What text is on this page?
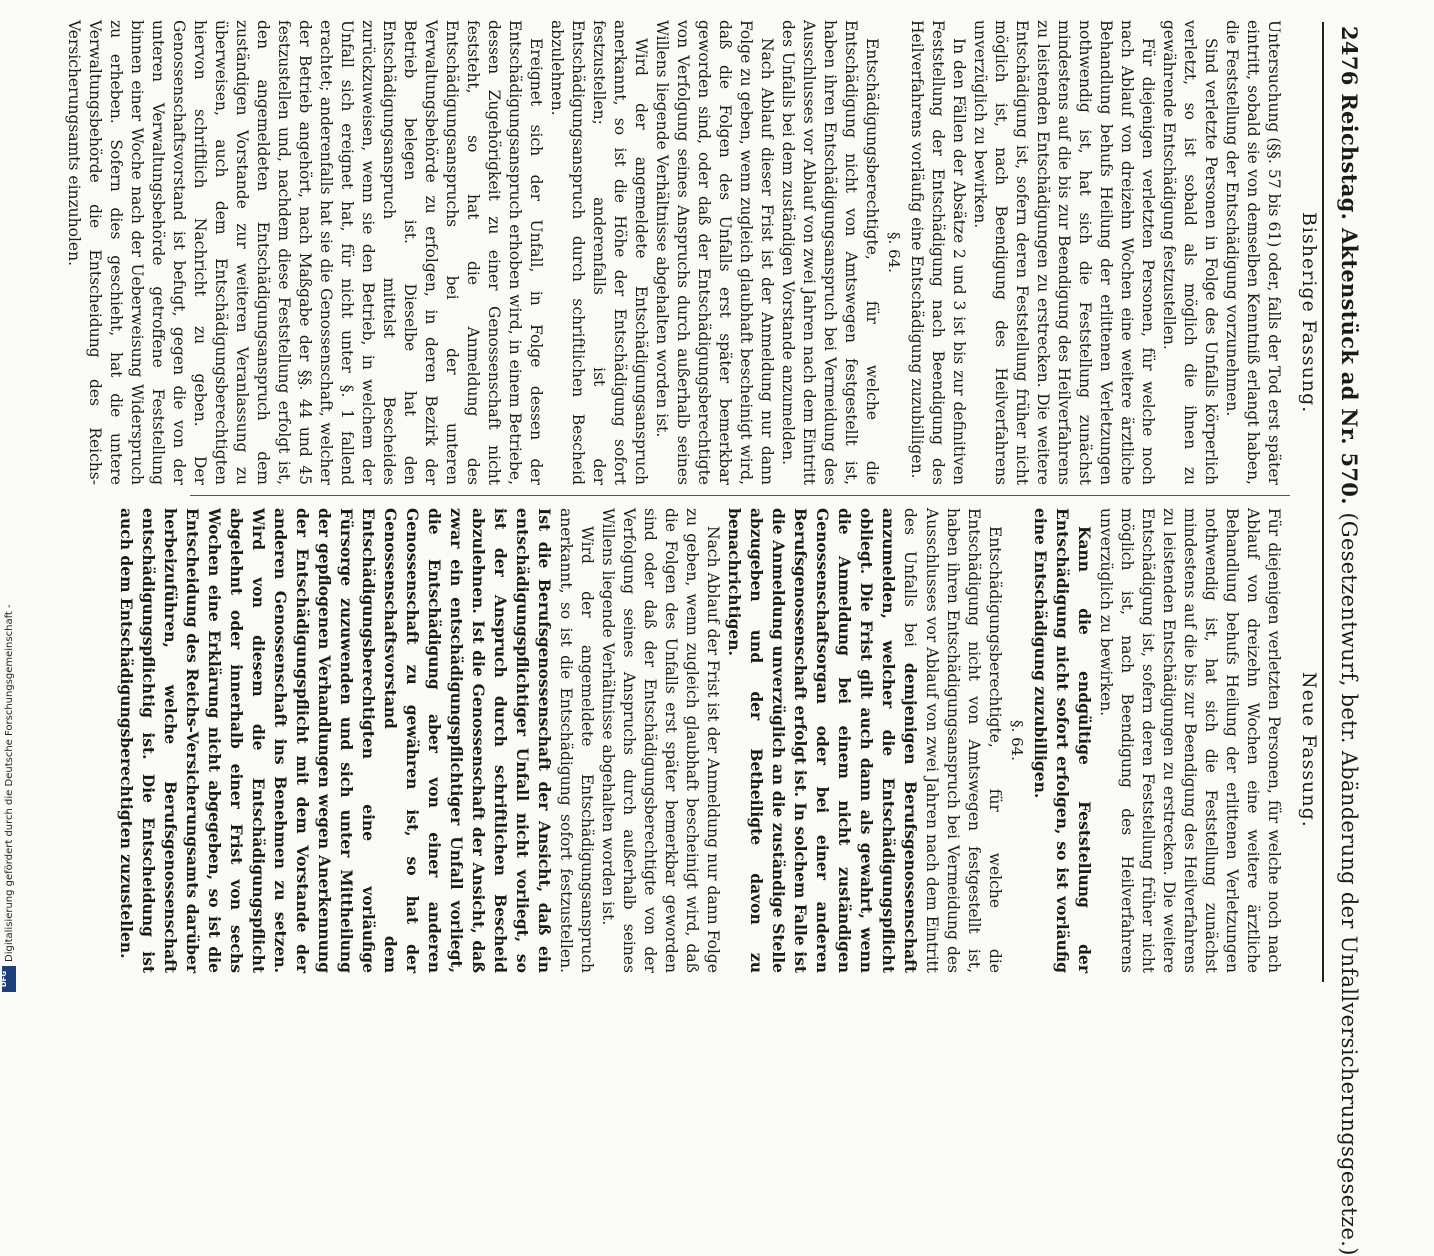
2476 Reichstag. Aktenstück ad Nr. 570. (Gesetzentwurf, betr. Abänderung der Unfallversicherungsgesetze.)
Bisherige Fassung.
Neue Fassung.

Untersuchung (§§. 57 bis 61) oder, falls der Tod erst später eintritt, sobald sie von demselben Kenntniß erlangt haben, die Feststellung der Entschädigung vorzunehmen.

Sind verletzte Personen in Folge des Unfalls körperlich verletzt, so ist sobald als möglich die ihnen zu gewährende Entschädigung festzustellen.

Für diejenigen verletzten Personen, für welche noch nach Ablauf von dreizehn Wochen eine weitere ärztliche Behandlung behufs Heilung der erlittenen Verletzungen nothwendig ist, hat sich die Feststellung zunächst mindestens auf die bis zur Beendigung des Heilverfahrens zu leistenden Entschädigungen zu erstrecken. Die weitere Entschädigung ist, sofern deren Feststellung früher nicht möglich ist, nach Beendigung des Heilverfahrens unverzüglich zu bewirken.

In den Fällen der Absätze 2 und 3 ist bis zur definitiven Feststellung der Entschädigung nach Beendigung des Heilverfahrens vorläufig eine Entschädigung zuzubilligen.

§. 64.

Entschädigungsberechtigte, für welche die Entschädigung nicht von Amtswegen festgestellt ist, haben ihren Entschädigungsanspruch bei Vermeidung des Ausschlusses vor Ablauf von zwei Jahren nach dem Eintritt des Unfalls bei dem zuständigen Vorstande anzumelden.

Nach Ablauf dieser Frist ist der Anmeldung nur dann Folge zu geben, wenn zugleich glaubhaft bescheinigt wird, daß die Folgen des Unfalls erst später bemerkbar geworden sind, oder daß der Entschädigungsberechtigte von Verfolgung seines Anspruchs durch außerhalb seines Willens liegende Verhältnisse abgehalten worden ist.

Wird der angemeldete Entschädigungsanspruch anerkannt, so ist die Höhe der Entschädigung sofort festzustellen; anderenfalls ist der Entschädigungsanspruch durch schriftlichen Bescheid abzulehnen.

Ereignet sich der Unfall, in Folge dessen der Entschädigungsanspruch erhoben wird, in einem Betriebe, dessen Zugehörigkeit zu einer Genossenschaft nicht feststeht, so hat die Anmeldung des Entschädigungsanspruchs bei der unteren Verwaltungsbehörde zu erfolgen, in deren Bezirk der Betrieb belegen ist. Dieselbe hat den Entschädigungsanspruch mittelst Bescheides zurückzuweisen, wenn sie den Betrieb, in welchem der Unfall sich ereignet hat, für nicht unter §. 1 fallend erachtet; anderenfalls hat sie die Genossenschaft, welcher der Betrieb angehört, nach Maßgabe der §§. 44 und 45 festzustellen und, nachdem diese Feststellung erfolgt ist, den angemeldeten Entschädigungsanspruch dem zuständigen Vorstande zur weiteren Veranlassung zu überweisen, auch dem Entschädigungsberechtigten hiervon schriftlich Nachricht zu geben. Der Genossenschaftsvorstand ist befugt, gegen die von der unteren Verwaltungsbehörde getroffene Feststellung binnen einer Woche nach der Ueberweisung Widerspruch zu erheben. Sofern dies geschieht, hat die untere Verwaltungsbehörde die Entscheidung des Reichs-Versicherungsamts einzuholen.

Für diejenigen verletzten Personen, für welche noch nach Ablauf von dreizehn Wochen eine weitere ärztliche Behandlung behufs Heilung der erlittenen Verletzungen nothwendig ist, hat sich die Feststellung zunächst mindestens auf die bis zur Beendigung des Heilverfahrens zu leistenden Entschädigungen zu erstrecken. Die weitere Entschädigung ist, sofern deren Feststellung früher nicht möglich ist, nach Beendigung des Heilverfahrens unverzüglich zu bewirken.

Kann die endgültige Feststellung der Entschädigung nicht sofort erfolgen, so ist vorläufig eine Entschädigung zuzubilligen.

§. 64.

Entschädigungsberechtigte, für welche die Entschädigung nicht von Amtswegen festgestellt ist, haben ihren Entschädigungsanspruch bei Vermeidung des Ausschlusses vor Ablauf von zwei Jahren nach dem Eintritt des Unfalls bei demjenigen Berufsgenossenschaft anzumelden, welcher die Entschädigungspflicht obliegt. Die Frist gilt auch dann als gewahrt, wenn die Anmeldung bei einem nicht zuständigen Genossenschaftsorgan oder bei einer anderen Berufsgenossenschaft erfolgt ist. In solchem Falle ist die Anmeldung unverzüglich an die zuständige Stelle abzugeben und der Betheiligte davon zu benachrichtigen.

Nach Ablauf der Frist ist der Anmeldung nur dann Folge zu geben, wenn zugleich glaubhaft bescheinigt wird, daß die Folgen des Unfalls erst später bemerkbar geworden sind oder daß der Entschädigungsberechtigte von der Verfolgung seines Anspruchs durch außerhalb seines Willens liegende Verhältnisse abgehalten worden ist.

Wird der angemeldete Entschädigungsanspruch anerkannt, so ist die Entschädigung sofort festzustellen. Ist die Berufsgenossenschaft der Ansicht, daß ein entschädigungspflichtiger Unfall nicht vorliegt, so ist der Anspruch durch schriftlichen Bescheid abzulehnen. Ist die Genossenschaft der Ansicht, daß zwar ein entschädigungspflichtiger Unfall vorliegt, die Entschädigung aber von einer anderen Genossenschaft zu gewähren ist, so hat der Genossenschaftsvorstand dem Entschädigungsberechtigten eine vorläufige Fürsorge zuzuwenden und sich unter Mittheilung der gepflogenen Verhandlungen wegen Anerkennung der Entschädigungspflicht mit dem Vorstande der anderen Genossenschaft ins Benehmen zu setzen. Wird von diesem die Entschädigungspflicht abgelehnt oder innerhalb einer Frist von sechs Wochen eine Erklärung nicht abgegeben, so ist die Entscheidung des Reichs-Versicherungsamts darüber herbeizuführen, welche Berufsgenossenschaft entschädigungspflichtig ist. Die Entscheidung ist auch dem Entschädigungsberechtigten zuzustellen.

Digitalisierung gefördert durch die Deutsche Forschungsgemeinschaft -
DFG
